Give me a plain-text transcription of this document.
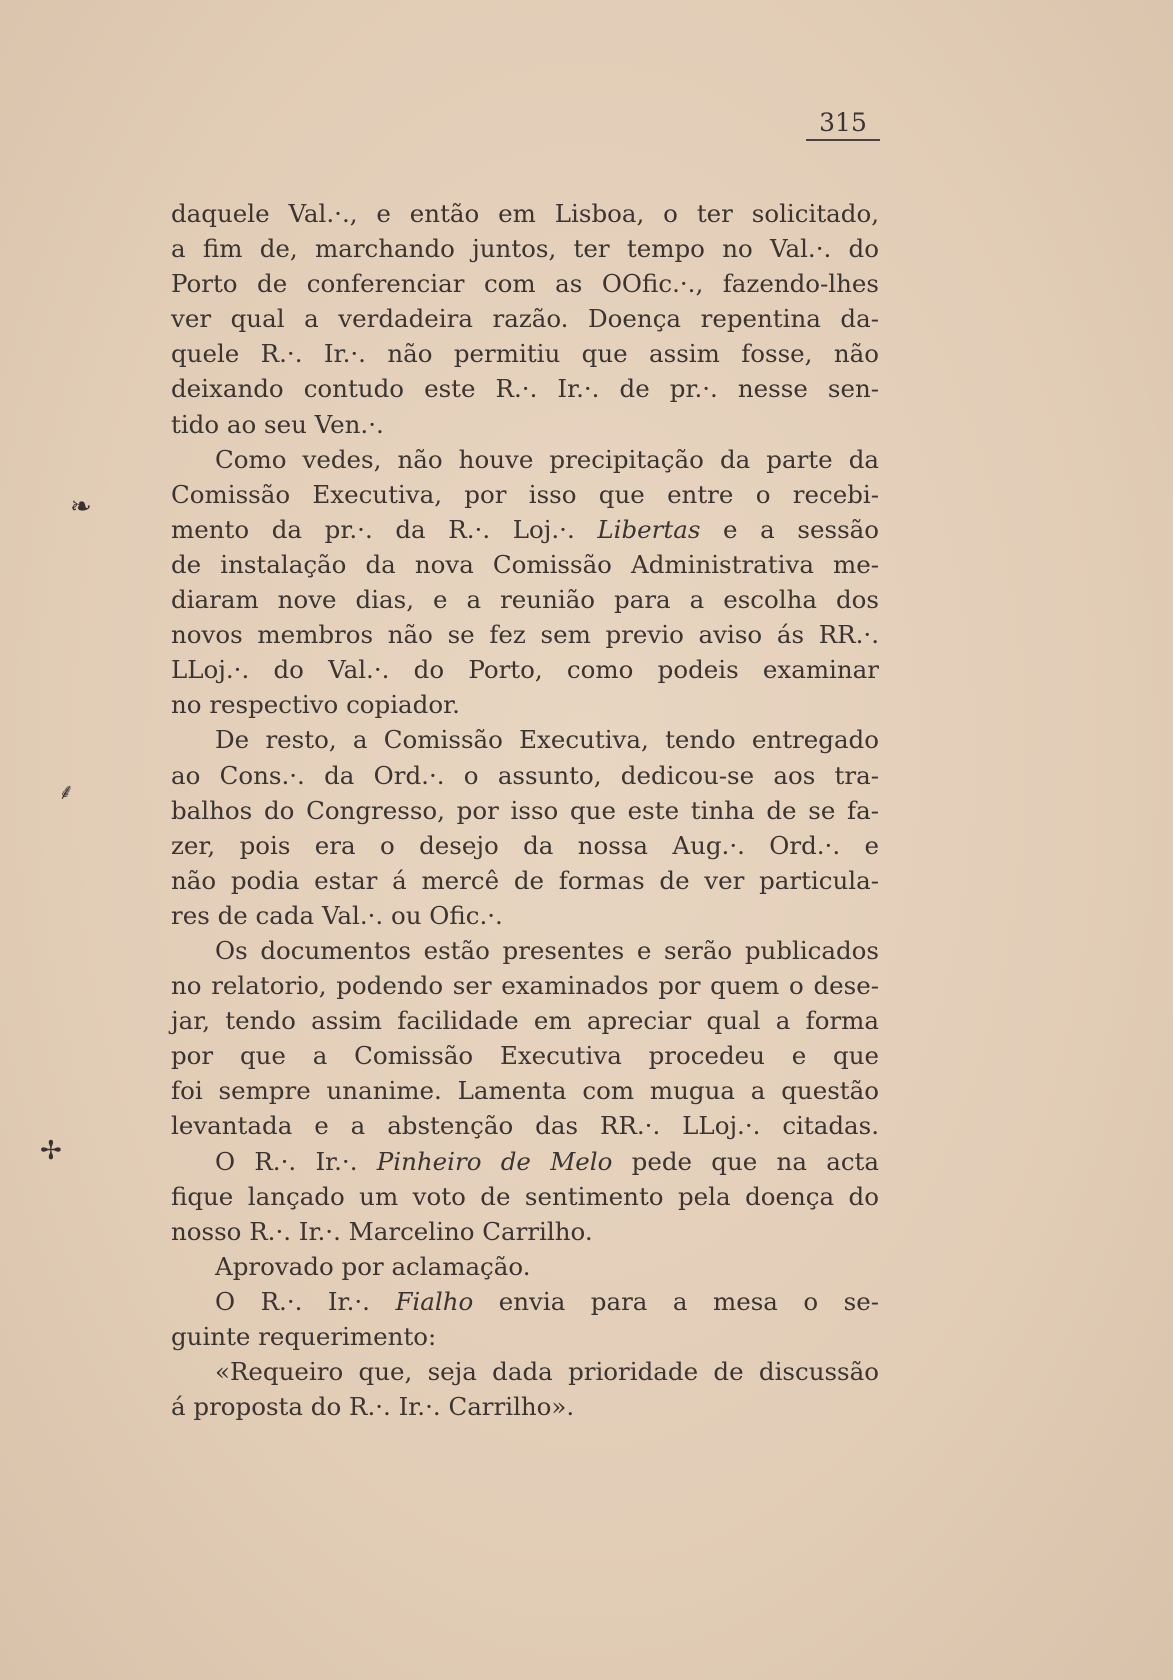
315
daquele Val.·., e então em Lisboa, o ter solicitado,
a fim de, marchando juntos, ter tempo no Val.·. do
Porto de conferenciar com as OOfic.·., fazendo-lhes
ver qual a verdadeira razão. Doença repentina da-
quele R.·. Ir.·. não permitiu que assim fosse, não
deixando contudo este R.·. Ir.·. de pr.·. nesse sen-
tido ao seu Ven.·.
Como vedes, não houve precipitação da parte da
Comissão Executiva, por isso que entre o recebi-
mento da pr.·. da R.·. Loj.·. Libertas e a sessão
de instalação da nova Comissão Administrativa me-
diaram nove dias, e a reunião para a escolha dos
novos membros não se fez sem previo aviso ás RR.·.
LLoj.·. do Val.·. do Porto, como podeis examinar
no respectivo copiador.
De resto, a Comissão Executiva, tendo entregado
ao Cons.·. da Ord.·. o assunto, dedicou-se aos tra-
balhos do Congresso, por isso que este tinha de se fa-
zer, pois era o desejo da nossa Aug.·. Ord.·. e
não podia estar á mercê de formas de ver particula-
res de cada Val.·. ou Ofic.·.
Os documentos estão presentes e serão publicados
no relatorio, podendo ser examinados por quem o dese-
jar, tendo assim facilidade em apreciar qual a forma
por que a Comissão Executiva procedeu e que
foi sempre unanime. Lamenta com mugua a questão
levantada e a abstenção das RR.·. LLoj.·. citadas.
O R.·. Ir.·. Pinheiro de Melo pede que na acta
fique lançado um voto de sentimento pela doença do
nosso R.·. Ir.·. Marcelino Carrilho.
Aprovado por aclamação.
O R.·. Ir.·. Fialho envia para a mesa o se-
guinte requerimento:
«Requeiro que, seja dada prioridade de discussão
á proposta do R.·. Ir.·. Carrilho».
❧
⸙
✢
